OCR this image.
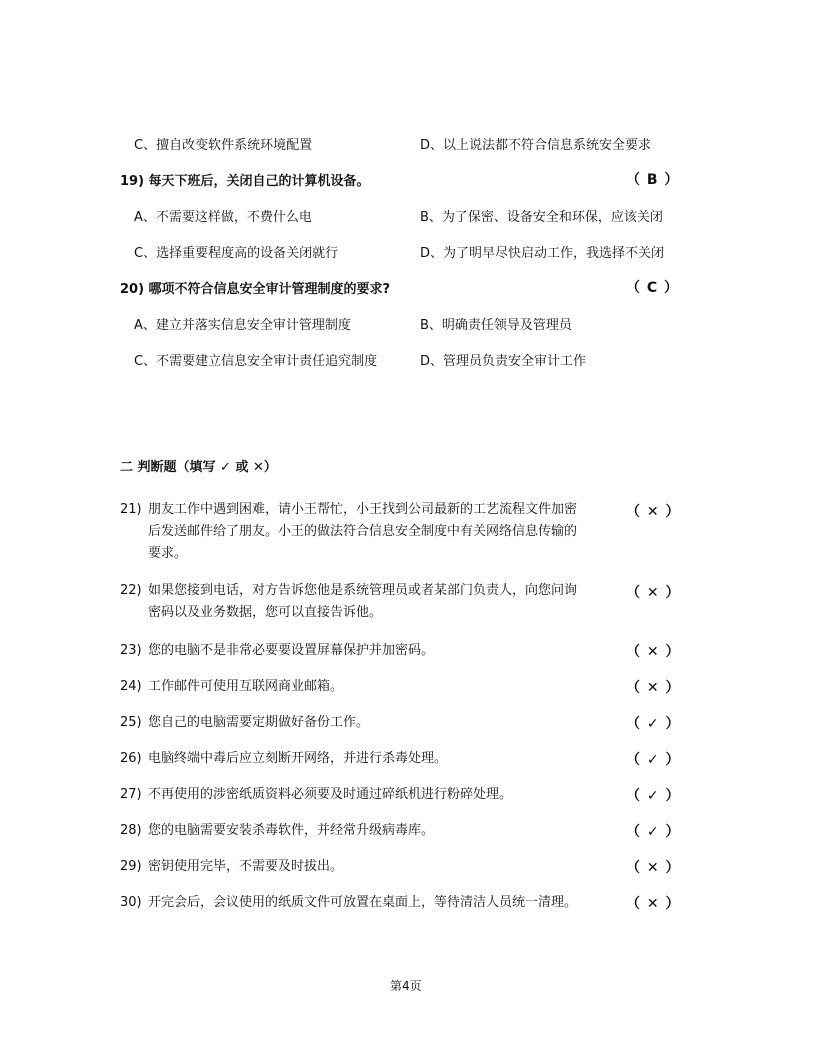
C、擅自改变软件系统环境配置	D、以上说法都不符合信息系统安全要求
19) 每天下班后，关闭自己的计算机设备。	（ B ）
A、不需要这样做，不费什么电	B、为了保密、设备安全和环保，应该关闭
C、选择重要程度高的设备关闭就行	D、为了明早尽快启动工作，我选择不关闭
20) 哪项不符合信息安全审计管理制度的要求?	（ C ）
A、建立并落实信息安全审计管理制度	B、明确责任领导及管理员
C、不需要建立信息安全审计责任追究制度	D、管理员负责安全审计工作
二 判断题（填写 ✓ 或 ✕）
21) 朋友工作中遇到困难，请小王帮忙，小王找到公司最新的工艺流程文件加密
后发送邮件给了朋友。小王的做法符合信息安全制度中有关网络信息传输的
要求。
（ ✕ ）
22) 如果您接到电话，对方告诉您他是系统管理员或者某部门负责人，向您问询
密码以及业务数据，您可以直接告诉他。
（ ✕ ）
23) 您的电脑不是非常必要要设置屏幕保护并加密码。	（ ✕ ）
24) 工作邮件可使用互联网商业邮箱。	（ ✕ ）
25) 您自己的电脑需要定期做好备份工作。	（ ✓ ）
26) 电脑终端中毒后应立刻断开网络，并进行杀毒处理。	（ ✓ ）
27) 不再使用的涉密纸质资料必须要及时通过碎纸机进行粉碎处理。	（ ✓ ）
28) 您的电脑需要安装杀毒软件，并经常升级病毒库。	（ ✓ ）
29) 密钥使用完毕，不需要及时拔出。	（ ✕ ）
30) 开完会后，会议使用的纸质文件可放置在桌面上，等待清洁人员统一清理。	（ ✕ ）
第4页
